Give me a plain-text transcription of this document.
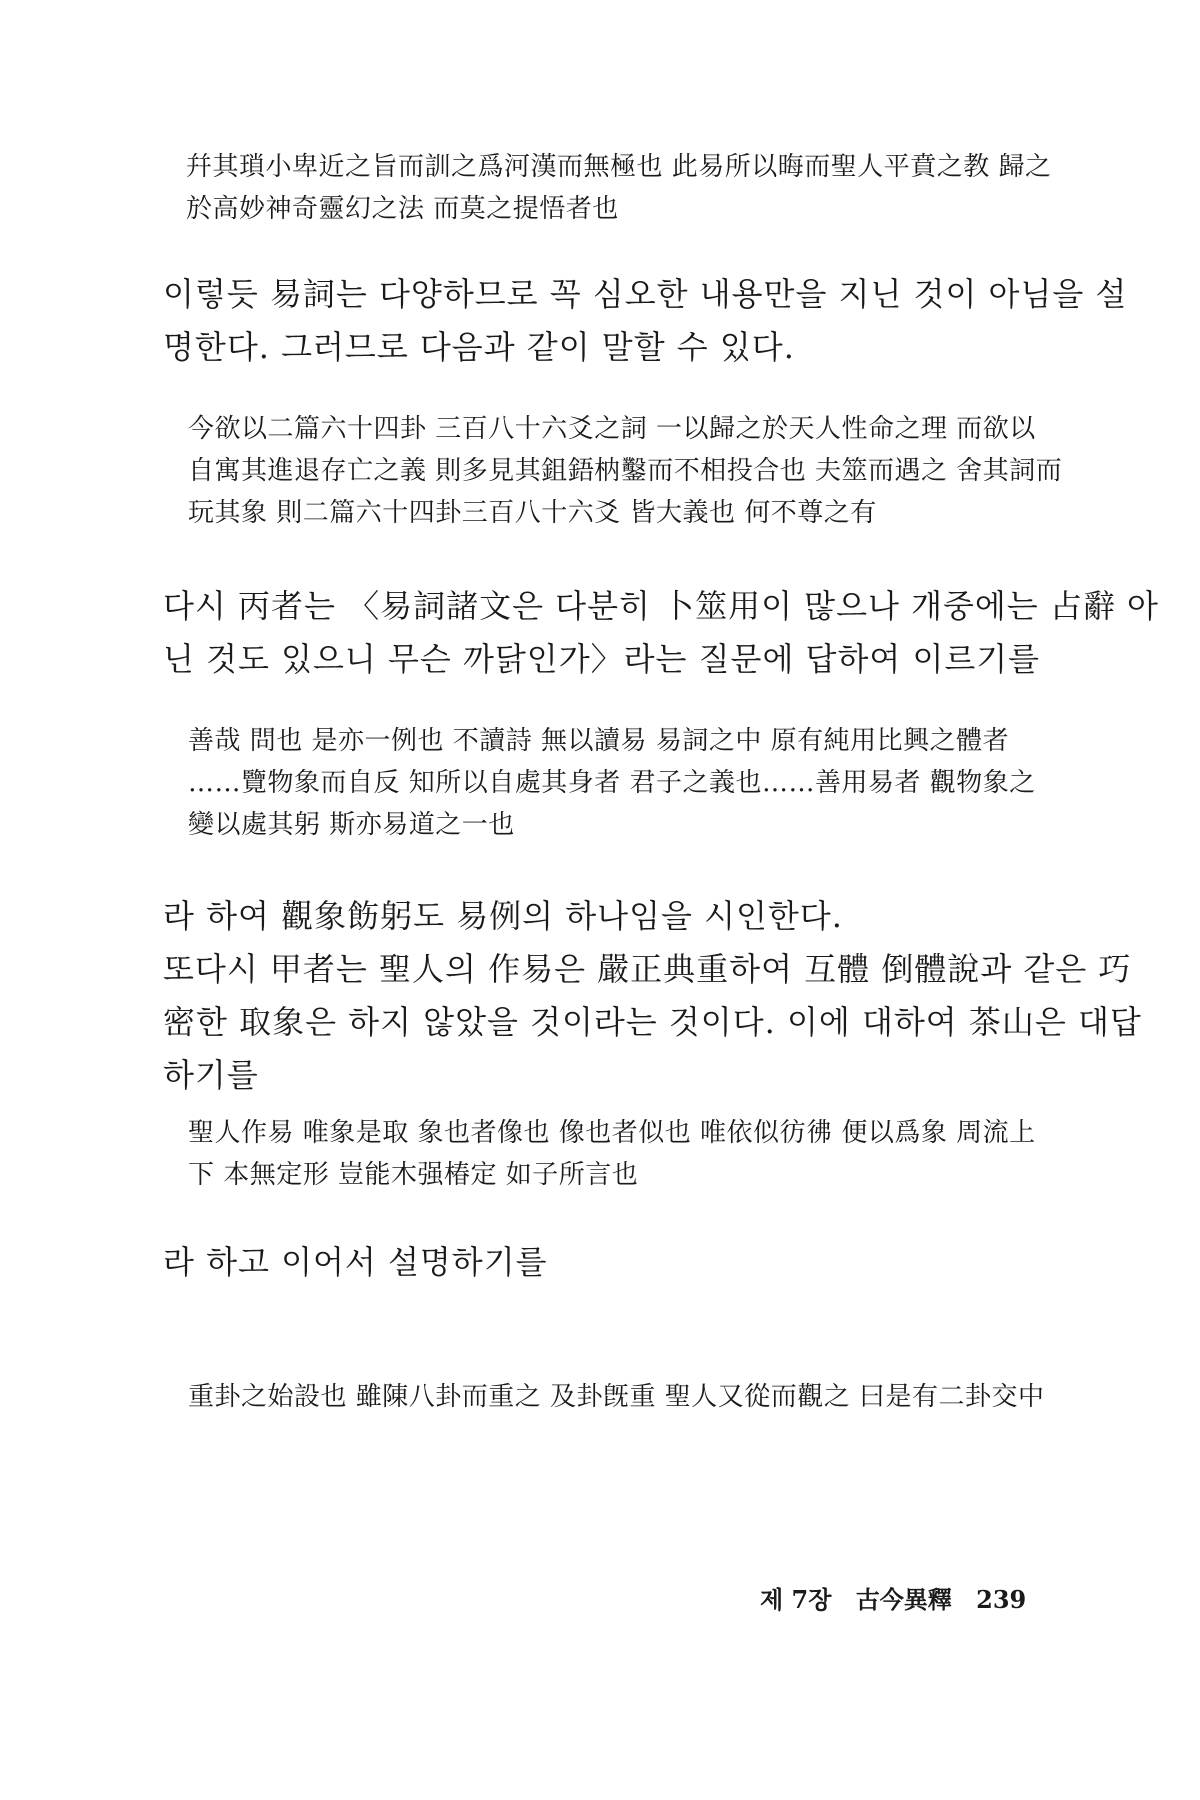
幷其瑣小卑近之旨而訓之爲河漢而無極也 此易所以晦而聖人平賁之教 歸之
於高妙神奇靈幻之法 而莫之提悟者也
이렇듯 易詞는 다양하므로 꼭 심오한 내용만을 지닌 것이 아님을 설
명한다. 그러므로 다음과 같이 말할 수 있다.
今欲以二篇六十四卦 三百八十六爻之詞 一以歸之於天人性命之理 而欲以
自寓其進退存亡之義 則多見其鉏鋙枘鑿而不相投合也 夫筮而遇之 舍其詞而
玩其象 則二篇六十四卦三百八十六爻 皆大義也 何不尊之有
다시 丙者는 〈易詞諸文은 다분히 卜筮用이 많으나 개중에는 占辭 아
닌 것도 있으니 무슨 까닭인가〉라는 질문에 답하여 이르기를
善哉 問也 是亦一例也 不讀詩 無以讀易 易詞之中 原有純用比興之體者
……覽物象而自反 知所以自處其身者 君子之義也……善用易者 觀物象之
變以處其躬 斯亦易道之一也
라 하여 觀象飭躬도 易例의 하나임을 시인한다.
또다시 甲者는 聖人의 作易은 嚴正典重하여 互體 倒體說과 같은 巧
密한 取象은 하지 않았을 것이라는 것이다. 이에 대하여 茶山은 대답
하기를
聖人作易 唯象是取 象也者像也 像也者似也 唯依似彷彿 便以爲象 周流上
下 本無定形 豈能木强椿定 如子所言也
라 하고 이어서 설명하기를
重卦之始設也 雖陳八卦而重之 及卦旣重 聖人又從而觀之 曰是有二卦交中
제 7장 古今異釋 239
